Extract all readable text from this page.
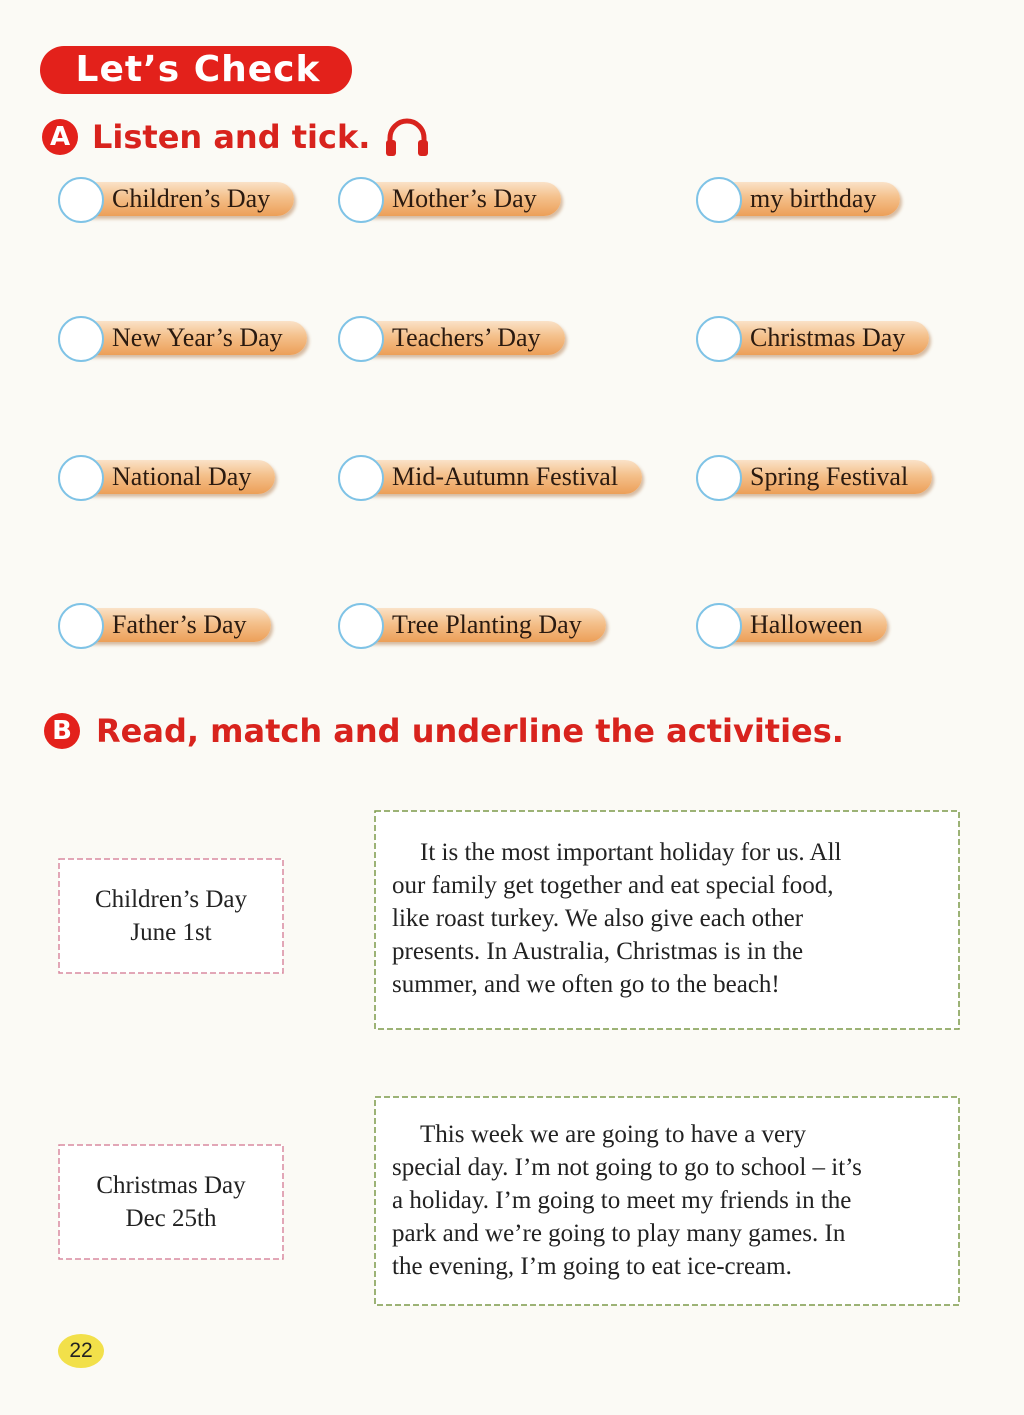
Let’s Check
A Listen and tick.
Children’s Day	Mother’s Day	my birthday
New Year’s Day	Teachers’ Day	Christmas Day
National Day	Mid-Autumn Festival	Spring Festival
Father’s Day	Tree Planting Day	Halloween
B Read, match and underline the activities.
Children’s Day
June 1st
Christmas Day
Dec 25th
It is the most important holiday for us. All
our family get together and eat special food,
like roast turkey. We also give each other
presents. In Australia, Christmas is in the
summer, and we often go to the beach!
This week we are going to have a very
special day. I’m not going to go to school – it’s
a holiday. I’m going to meet my friends in the
park and we’re going to play many games. In
the evening, I’m going to eat ice-cream.
22
